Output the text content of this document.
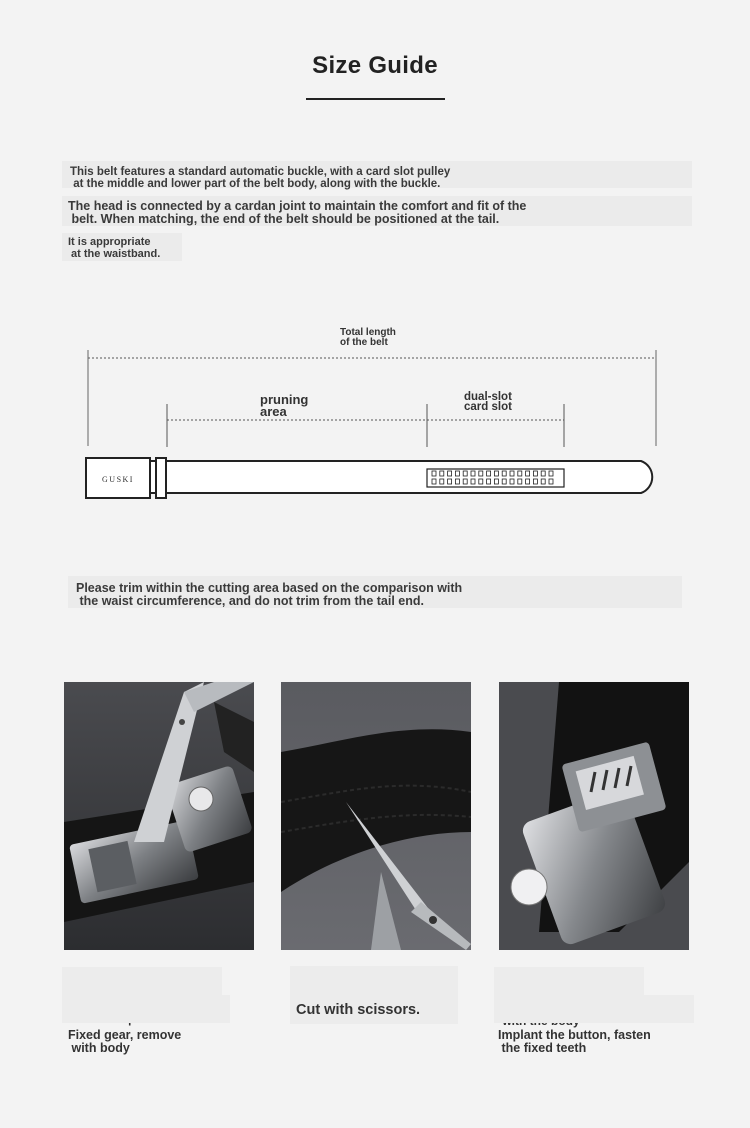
Size Guide
This belt features a standard automatic buckle, with a card slot pulley
at the middle and lower part of the belt body, along with the buckle.
The head is connected by a cardan joint to maintain the comfort and fit of the
belt. When matching, the end of the belt should be positioned at the tail.
It is appropriate
at the waistband.
Total length of the belt
pruning area
dual-slot card slot
GUSKI
Please trim within the cutting area based on the comparison with
the waist circumference, and do not trim from the tail end.

Fixed gear, remove
with body

Cut with scissors.

Implant the button, fasten
the fixed teeth
